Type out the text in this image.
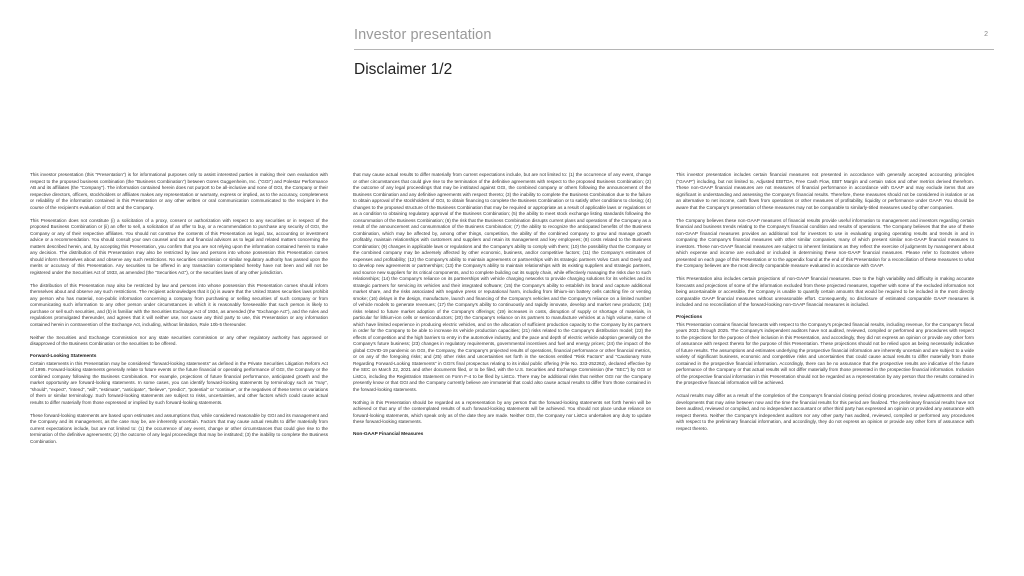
Investor presentation
Disclaimer 1/2
2

This investor presentation (this "Presentation") is for informational purposes only to assist interested parties in making their own evaluation with respect to the proposed business combination (the "Business Combination") between Gores Guggenheim, Inc. ("GGI") and Polestar Performance AB and its affiliates (the "Company"). The information contained herein does not purport to be all-inclusive and none of GGI, the Company or their respective directors, officers, stockholders or affiliates makes any representation or warranty, express or implied, as to the accuracy, completeness or reliability of the information contained in this Presentation or any other written or oral communication communicated to the recipient in the course of the recipient's evaluation of GGI and the Company.

This Presentation does not constitute (i) a solicitation of a proxy, consent or authorization with respect to any securities or in respect of the proposed Business Combination or (ii) an offer to sell, a solicitation of an offer to buy, or a recommendation to purchase any security of GGI, the Company or any of their respective affiliates. You should not construe the contents of this Presentation as legal, tax, accounting or investment advice or a recommendation. You should consult your own counsel and tax and financial advisors as to legal and related matters concerning the matters described herein, and, by accepting this Presentation, you confirm that you are not relying upon the information contained herein to make any decision. The distribution of this Presentation may also be restricted by law and persons into whose possession this Presentation comes should inform themselves about and observe any such restrictions. No securities commission or similar regulatory authority has passed upon the merits or accuracy of this Presentation. Any securities to be offered in any transaction contemplated hereby have not been and will not be registered under the Securities Act of 1933, as amended (the "Securities Act"), or the securities laws of any other jurisdiction.

The distribution of this Presentation may also be restricted by law and persons into whose possession this Presentation comes should inform themselves about and observe any such restrictions. The recipient acknowledges that it (a) is aware that the United States securities laws prohibit any person who has material, non-public information concerning a company from purchasing or selling securities of such company or from communicating such information to any other person under circumstances in which it is reasonably foreseeable that such person is likely to purchase or sell such securities, and (b) is familiar with the Securities Exchange Act of 1934, as amended (the "Exchange Act"), and the rules and regulations promulgated thereunder, and agrees that it will neither use, nor cause any third party to use, this Presentation or any information contained herein in contravention of the Exchange Act, including, without limitation, Rule 10b-5 thereunder.

Neither the Securities and Exchange Commission nor any state securities commission or any other regulatory authority has approved or disapproved of the Business Combination or the securities to be offered.

Forward-Looking Statements

Certain statements in this Presentation may be considered "forward-looking statements" as defined in the Private Securities Litigation Reform Act of 1995. Forward-looking statements generally relate to future events or the future financial or operating performance of GGI, the Company or the combined company following the Business Combination. For example, projections of future financial performance, anticipated growth and the market opportunity are forward-looking statements. In some cases, you can identify forward-looking statements by terminology such as "may", "should", "expect", "intend", "will", "estimate", "anticipate", "believe", "predict", "potential" or "continue", or the negatives of these terms or variations of them or similar terminology. Such forward-looking statements are subject to risks, uncertainties, and other factors which could cause actual results to differ materially from those expressed or implied by such forward-looking statements.

These forward-looking statements are based upon estimates and assumptions that, while considered reasonable by GGI and its management and the Company and its management, as the case may be, are inherently uncertain. Factors that may cause actual results to differ materially from current expectations include, but are not limited to: (1) the occurrence of any event, change or other circumstances that could give rise to the termination of the definitive agreements; (2) the outcome of any legal proceedings that may be instituted; (3) the inability to complete the Business Combination.

that may cause actual results to differ materially from current expectations include, but are not limited to: (1) the occurrence of any event, change or other circumstances that could give rise to the termination of the definitive agreements with respect to the proposed Business Combination; (2) the outcome of any legal proceedings that may be instituted against GGI, the combined company or others following the announcement of the Business Combination and any definitive agreements with respect thereto; (3) the inability to complete the Business Combination due to the failure to obtain approval of the stockholders of GGI, to obtain financing to complete the Business Combination or to satisfy other conditions to closing; (4) changes to the proposed structure of the Business Combination that may be required or appropriate as a result of applicable laws or regulations or as a condition to obtaining regulatory approval of the Business Combination; (5) the ability to meet stock exchange listing standards following the consummation of the Business Combination; (6) the risk that the Business Combination disrupts current plans and operations of the Company as a result of the announcement and consummation of the Business Combination; (7) the ability to recognize the anticipated benefits of the Business Combination, which may be affected by, among other things, competition, the ability of the combined company to grow and manage growth profitably, maintain relationships with customers and suppliers and retain its management and key employees; (8) costs related to the Business Combination; (9) changes in applicable laws or regulations and the Company's ability to comply with them; (10) the possibility that the Company or the combined company may be adversely affected by other economic, business, and/or competitive factors; (11) the Company's estimates of expenses and profitability; (12) the Company's ability to maintain agreements or partnerships with its strategic partners Volvo Cars and Geely and to develop new agreements or partnerships; (13) the Company's ability to maintain relationships with its existing suppliers and strategic partners, and source new suppliers for its critical components, and to complete building out its supply chain, while effectively managing the risks due to such relationships; (14) the Company's reliance on its partnerships with vehicle charging networks to provide charging solutions for its vehicles and its strategic partners for servicing its vehicles and their integrated software; (15) the Company's ability to establish its brand and capture additional market share, and the risks associated with negative press or reputational harm, including from lithium-ion battery cells catching fire or venting smoke; (16) delays in the design, manufacture, launch and financing of the Company's vehicles and the Company's reliance on a limited number of vehicle models to generate revenues; (17) the Company's ability to continuously and rapidly innovate, develop and market new products; (18) risks related to future market adoption of the Company's offerings; (19) increases in costs, disruption of supply or shortage of materials, in particular for lithium-ion cells or semiconductors; (20) the Company's reliance on its partners to manufacture vehicles at a high volume, some of which have limited experience in producing electric vehicles, and on the allocation of sufficient production capacity to the Company by its partners in order for the Company to be able to increase its vehicle production capacities; (21) risks related to the Company's distribution model; (22) the effects of competition and the high barriers to entry in the automotive industry, and the pace and depth of electric vehicle adoption generally on the Company's future business; (23) changes in regulatory requirements, governmental incentives and fuel and energy prices; (24) the impact of the global COVID-19 pandemic on GGI, the Company, the Company's projected results of operations, financial performance or other financial metrics, or on any of the foregoing risks; and (25) other risks and uncertainties set forth in the sections entitled "Risk Factors" and "Cautionary Note Regarding Forward-Looking Statements" in GGI's final prospectus relating to its initial public offering (File No. 333-252262), declared effective by the SEC on March 22, 2021 and other documents filed, or to be filed, with the U.S. Securities and Exchange Commission (the "SEC") by GGI or ListCo, including the Registration Statement on Form F-4 to be filed by ListCo. There may be additional risks that neither GGI nor the Company presently know or that GGI and the Company currently believe are immaterial that could also cause actual results to differ from those contained in the forward-looking statements.

Nothing in this Presentation should be regarded as a representation by any person that the forward-looking statements set forth herein will be achieved or that any of the contemplated results of such forward-looking statements will be achieved. You should not place undue reliance on forward-looking statements, which speak only as of the date they are made. Neither GGI, the Company nor ListCo undertakes any duty to update these forward-looking statements.

Non-GAAP Financial Measures

This investor presentation includes certain financial measures not presented in accordance with generally accepted accounting principles ("GAAP") including, but not limited to, Adjusted EBITDA, Free Cash Flow, EBIT Margin and certain ratios and other metrics derived therefrom. These non-GAAP financial measures are not measures of financial performance in accordance with GAAP and may exclude items that are significant in understanding and assessing the Company's financial results. Therefore, these measures should not be considered in isolation or as an alternative to net income, cash flows from operations or other measures of profitability, liquidity or performance under GAAP. You should be aware that the Company's presentation of these measures may not be comparable to similarly-titled measures used by other companies.

The Company believes these non-GAAP measures of financial results provide useful information to management and investors regarding certain financial and business trends relating to the Company's financial condition and results of operations. The Company believes that the use of these non-GAAP financial measures provides an additional tool for investors to use in evaluating ongoing operating results and trends in and in comparing the Company's financial measures with other similar companies, many of which present similar non-GAAP financial measures to investors. These non-GAAP financial measures are subject to inherent limitations as they reflect the exercise of judgments by management about which expense and income are excluded or included in determining these non-GAAP financial measures. Please refer to footnotes where presented on each page of this Presentation or to the appendix found at the end of this Presentation for a reconciliation of these measures to what the Company believes are the most directly comparable measure evaluated in accordance with GAAP.

This Presentation also includes certain projections of non-GAAP financial measures. Due to the high variability and difficulty in making accurate forecasts and projections of some of the information excluded from these projected measures, together with some of the excluded information not being ascertainable or accessible, the Company is unable to quantify certain amounts that would be required to be included in the most directly comparable GAAP financial measures without unreasonable effort. Consequently, no disclosure of estimated comparable GAAP measures is included and no reconciliation of the forward-looking non-GAAP financial measures is included.

Projections

This Presentation contains financial forecasts with respect to the Company's projected financial results, including revenue, for the Company's fiscal years 2021 through 2025. The Company's independent auditors have not audited, reviewed, compiled or performed any procedures with respect to the projections for the purpose of their inclusion in this Presentation, and accordingly, they did not express an opinion or provide any other form of assurance with respect thereto for the purpose of this Presentation. These projections should not be relied upon as being necessarily indicative of future results. The assumptions and estimates underlying the prospective financial information are inherently uncertain and are subject to a wide variety of significant business, economic and competitive risks and uncertainties that could cause actual results to differ materially from those contained in the prospective financial information. Accordingly, there can be no assurance that the prospective results are indicative of the future performance of the Company or that actual results will not differ materially from those presented in the prospective financial information. Inclusion of the prospective financial information in this Presentation should not be regarded as a representation by any person that the results contained in the prospective financial information will be achieved.

Actual results may differ as a result of the completion of the Company's financial closing period closing procedures, review adjustments and other developments that may arise between now and the time the financial results for this period are finalized. The preliminary financial results have not been audited, reviewed or compiled, and no independent accountant or other third party has expressed an opinion or provided any assurance with respect thereto. Neither the Company's independent auditors nor any other party has audited, reviewed, compiled or performed any procedures with respect to the preliminary financial information, and accordingly, they do not express an opinion or provide any other form of assurance with respect thereto.
